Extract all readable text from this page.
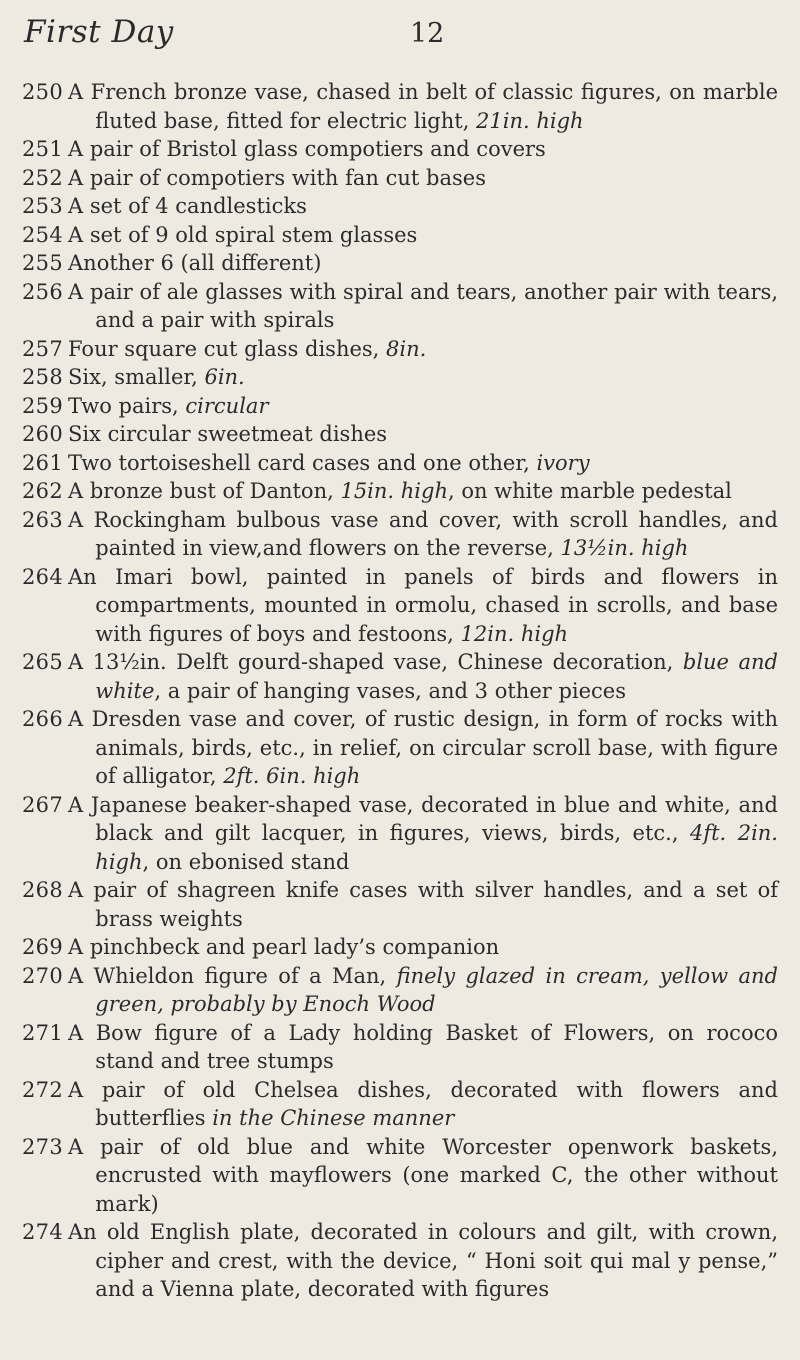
First Day	12
250 A French bronze vase, chased in belt of classic figures, on marble fluted base, fitted for electric light, 21in. high
251 A pair of Bristol glass compotiers and covers
252 A pair of compotiers with fan cut bases
253 A set of 4 candlesticks
254 A set of 9 old spiral stem glasses
255 Another 6 (all different)
256 A pair of ale glasses with spiral and tears, another pair with tears, and a pair with spirals
257 Four square cut glass dishes, 8in.
258 Six, smaller, 6in.
259 Two pairs, circular
260 Six circular sweetmeat dishes
261 Two tortoiseshell card cases and one other, ivory
262 A bronze bust of Danton, 15in. high, on white marble pedestal
263 A Rockingham bulbous vase and cover, with scroll handles, and painted in view,and flowers on the reverse, 13½in. high
264 An Imari bowl, painted in panels of birds and flowers in compartments, mounted in ormolu, chased in scrolls, and base with figures of boys and festoons, 12in. high
265 A 13½in. Delft gourd-shaped vase, Chinese decoration, blue and white, a pair of hanging vases, and 3 other pieces
266 A Dresden vase and cover, of rustic design, in form of rocks with animals, birds, etc., in relief, on circular scroll base, with figure of alligator, 2ft. 6in. high
267 A Japanese beaker-shaped vase, decorated in blue and white, and black and gilt lacquer, in figures, views, birds, etc., 4ft. 2in. high, on ebonised stand
268 A pair of shagreen knife cases with silver handles, and a set of brass weights
269 A pinchbeck and pearl lady’s companion
270 A Whieldon figure of a Man, finely glazed in cream, yellow and green, probably by Enoch Wood
271 A Bow figure of a Lady holding Basket of Flowers, on rococo stand and tree stumps
272 A pair of old Chelsea dishes, decorated with flowers and butterflies in the Chinese manner
273 A pair of old blue and white Worcester openwork baskets, encrusted with mayflowers (one marked C, the other without mark)
274 An old English plate, decorated in colours and gilt, with crown, cipher and crest, with the device, “ Honi soit qui mal y pense,” and a Vienna plate, decorated with figures
